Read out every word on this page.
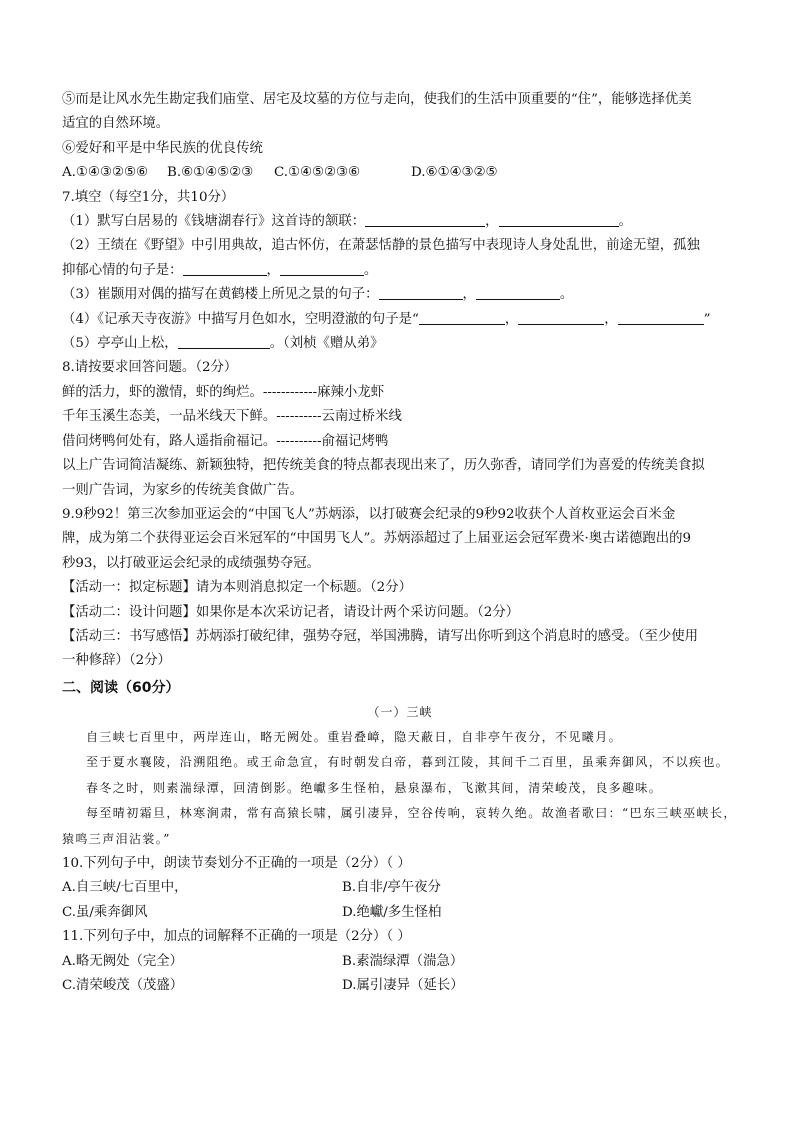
⑤而是让风水先生勘定我们庙堂、居宅及坟墓的方位与走向，使我们的生活中顶重要的“住”，能够选择优美
适宜的自然环境。
⑥爱好和平是中华民族的优良传统
A.①④③②⑤⑥	B.⑥①④⑤②③	C.①④⑤②③⑥	D.⑥①④③②⑤
7.填空（每空1分，共10分）
（1）默写白居易的《钱塘湖春行》这首诗的颔联：	，	。
（2）王绩在《野望》中引用典故，追古怀仿，在萧瑟恬静的景色描写中表现诗人身处乱世，前途无望，孤独
抑郁心情的句子是：	，	。
（3）崔颢用对偶的描写在黄鹤楼上所见之景的句子：	，	。
（4）《记承天寺夜游》中描写月色如水，空明澄澈的句子是“	，	，	”
（5）亭亭山上松，	。（刘桢《赠从弟》
8.请按要求回答问题。（2分）
鲜的活力，虾的激情，虾的绚烂。------------麻辣小龙虾
千年玉溪生态美，一品米线天下鲜。----------云南过桥米线
借问烤鸭何处有，路人遥指俞福记。----------俞福记烤鸭
以上广告词简洁凝练、新颖独特，把传统美食的特点都表现出来了，历久弥香，请同学们为喜爱的传统美食拟
一则广告词，为家乡的传统美食做广告。
9.9秒92！第三次参加亚运会的“中国飞人”苏炳添，以打破赛会纪录的9秒92收获个人首枚亚运会百米金
牌，成为第二个获得亚运会百米冠军的“中国男飞人”。苏炳添超过了上届亚运会冠军费米·奥古诺德跑出的9
秒93，以打破亚运会纪录的成绩强势夺冠。
【活动一：拟定标题】请为本则消息拟定一个标题。（2分）
【活动二：设计问题】如果你是本次采访记者，请设计两个采访问题。（2分）
【活动三：书写感悟】苏炳添打破纪律，强势夺冠，举国沸腾，请写出你听到这个消息时的感受。（至少使用
一种修辞）（2分）
二、阅读（60分）
（一）三峡
自三峡七百里中，两岸连山，略无阙处。重岩叠嶂，隐天蔽日，自非亭午夜分，不见曦月。
至于夏水襄陵，沿溯阻绝。或王命急宣，有时朝发白帝，暮到江陵，其间千二百里，虽乘奔御风，不以疾也。
春冬之时，则素湍绿潭，回清倒影。绝巘多生怪柏，悬泉瀑布，飞漱其间，清荣峻茂，良多趣味。
每至晴初霜旦，林寒涧肃，常有高猿长啸，属引凄异，空谷传响，哀转久绝。故渔者歌曰：“巴东三峡巫峡长，猿鸣三声泪沾裳。”
10.下列句子中，朗读节奏划分不正确的一项是（2分）（ ）
A.自三峡/七百里中，	B.自非/亭午夜分
C.虽/乘奔御风	D.绝巘/多生怪柏
11.下列句子中，加点的词解释不正确的一项是（2分）（ ）
A.略无阙处（完全）	B.素湍绿潭（湍急）
C.清荣峻茂（茂盛）	D.属引凄异（延长）
